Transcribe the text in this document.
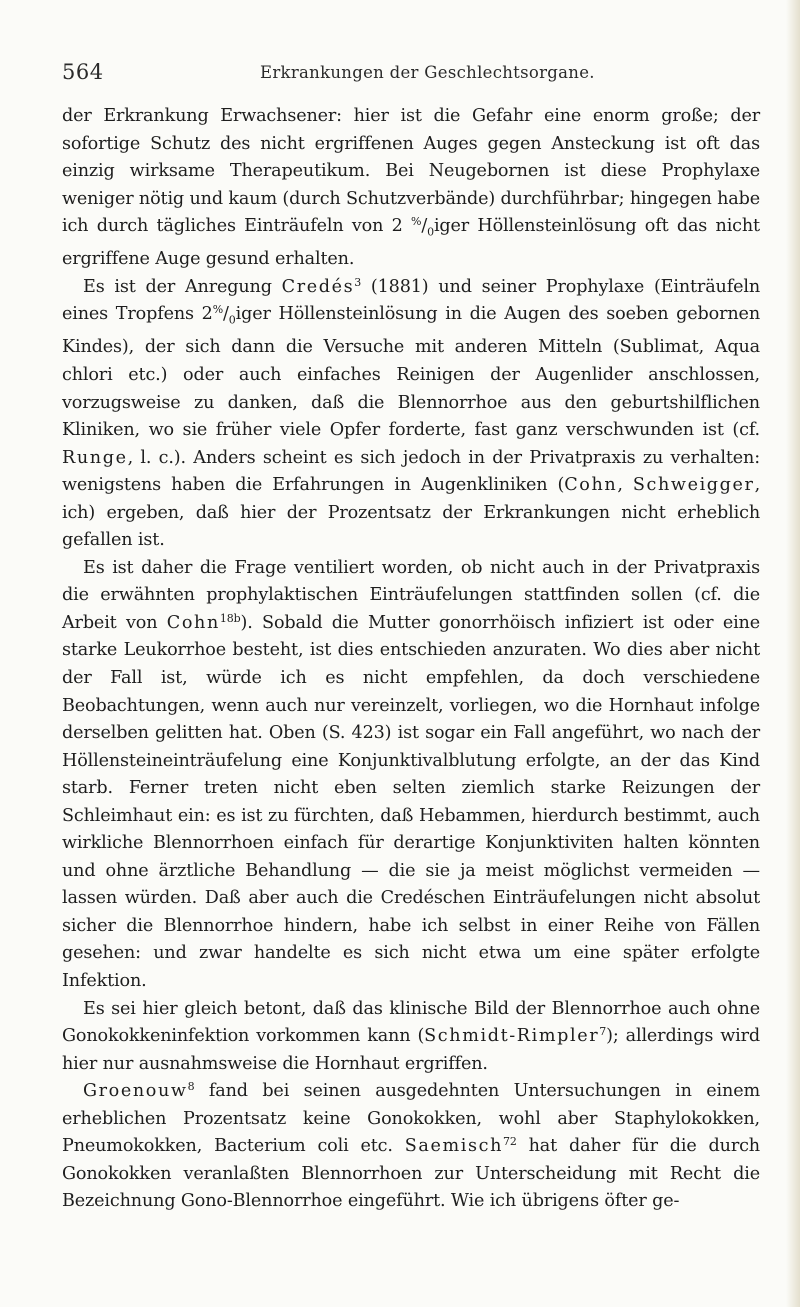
564	Erkrankungen der Geschlechtsorgane.

der Erkrankung Erwachsener: hier ist die Gefahr eine enorm große; der sofortige Schutz des nicht ergriffenen Auges gegen Ansteckung ist oft das einzig wirksame Therapeutikum. Bei Neugebornen ist diese Prophylaxe weniger nötig und kaum (durch Schutzverbände) durchführbar; hingegen habe ich durch tägliches Einträufeln von 2 $^{\%}/_0iger$ Höllensteinlösung oft das nicht ergriffene Auge gesund erhalten.

Es ist der Anregung Credés$^3$ (1881) und seiner Prophylaxe (Einträufeln eines Tropfens $2^{\%}/_0iger$ Höllensteinlösung in die Augen des soeben gebornen Kindes), der sich dann die Versuche mit anderen Mitteln (Sublimat, Aqua chlori etc.) oder auch einfaches Reinigen der Augenlider anschlossen, vorzugsweise zu danken, daß die Blennorrhoe aus den geburtshilflichen Kliniken, wo sie früher viele Opfer forderte, fast ganz verschwunden ist (cf. Runge, l. c.). Anders scheint es sich jedoch in der Privatpraxis zu verhalten: wenigstens haben die Erfahrungen in Augenkliniken (Cohn, Schweigger, ich) ergeben, daß hier der Prozentsatz der Erkrankungen nicht erheblich gefallen ist.

Es ist daher die Frage ventiliert worden, ob nicht auch in der Privatpraxis die erwähnten prophylaktischen Einträufelungen stattfinden sollen (cf. die Arbeit von Cohn$^{18b}$). Sobald die Mutter gonorrhöisch infiziert ist oder eine starke Leukorrhoe besteht, ist dies entschieden anzuraten. Wo dies aber nicht der Fall ist, würde ich es nicht empfehlen, da doch verschiedene Beobachtungen, wenn auch nur vereinzelt, vorliegen, wo die Hornhaut infolge derselben gelitten hat. Oben (S. 423) ist sogar ein Fall angeführt, wo nach der Höllensteineinträufelung eine Konjunktivalblutung erfolgte, an der das Kind starb. Ferner treten nicht eben selten ziemlich starke Reizungen der Schleimhaut ein: es ist zu fürchten, daß Hebammen, hierdurch bestimmt, auch wirkliche Blennorrhoen einfach für derartige Konjunktiviten halten könnten und ohne ärztliche Behandlung — die sie ja meist möglichst vermeiden — lassen würden. Daß aber auch die Credéschen Einträufelungen nicht absolut sicher die Blennorrhoe hindern, habe ich selbst in einer Reihe von Fällen gesehen: und zwar handelte es sich nicht etwa um eine später erfolgte Infektion.

Es sei hier gleich betont, daß das klinische Bild der Blennorrhoe auch ohne Gonokokkeninfektion vorkommen kann (Schmidt-Rimpler$^7$); allerdings wird hier nur ausnahmsweise die Hornhaut ergriffen.

Groenouw$^8$ fand bei seinen ausgedehnten Untersuchungen in einem erheblichen Prozentsatz keine Gonokokken, wohl aber Staphylokokken, Pneumokokken, Bacterium coli etc. Saemisch$^{72}$ hat daher für die durch Gonokokken veranlaßten Blennorrhoen zur Unterscheidung mit Recht die Bezeichnung Gono-Blennorrhoe eingeführt. Wie ich übrigens öfter ge-
